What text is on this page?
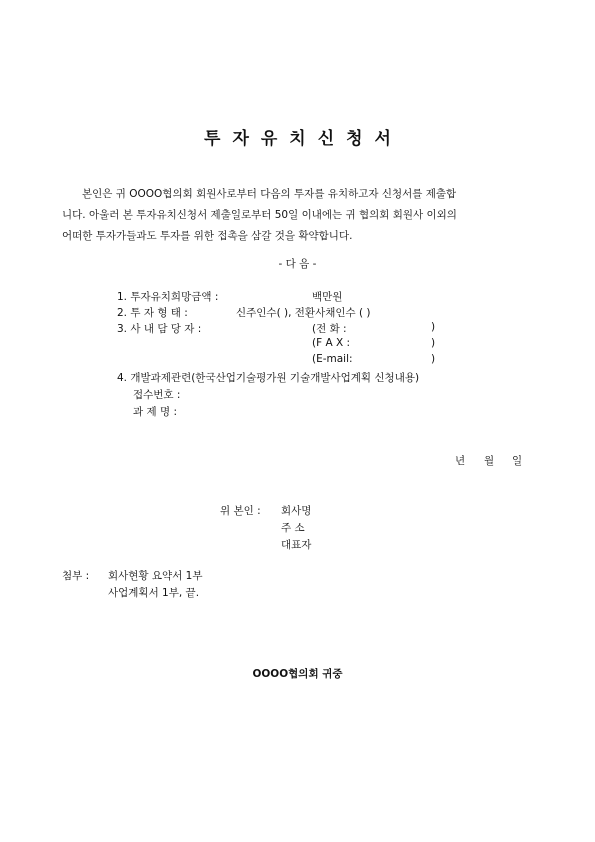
투자유치신청서

본인은 귀 OOOO협의회 회원사로부터 다음의 투자를 유치하고자 신청서를 제출합

니다. 아울러 본 투자유치신청서 제출일로부터 50일 이내에는 귀 협의회 회원사 이외의

어떠한 투자가들과도 투자를 위한 접촉을 삼갈 것을 확약합니다.

- 다 음 -
1. 투자유치희망금액 :	백만원
2. 투 자 형 태 :	신주인수( ), 전환사채인수 ( )
3. 사 내 담 당 자 :	(전 화 :	)
(F A X :	)
(E-mail:	)
4. 개발과제관련(한국산업기술평가원 기술개발사업계획 신청내용)
접수번호 :
과 제 명 :
년 월 일
위 본인 : 회사명
주 소
대표자
첨부 : 회사현황 요약서 1부
사업계획서 1부, 끝.
OOOO협의회 귀중
